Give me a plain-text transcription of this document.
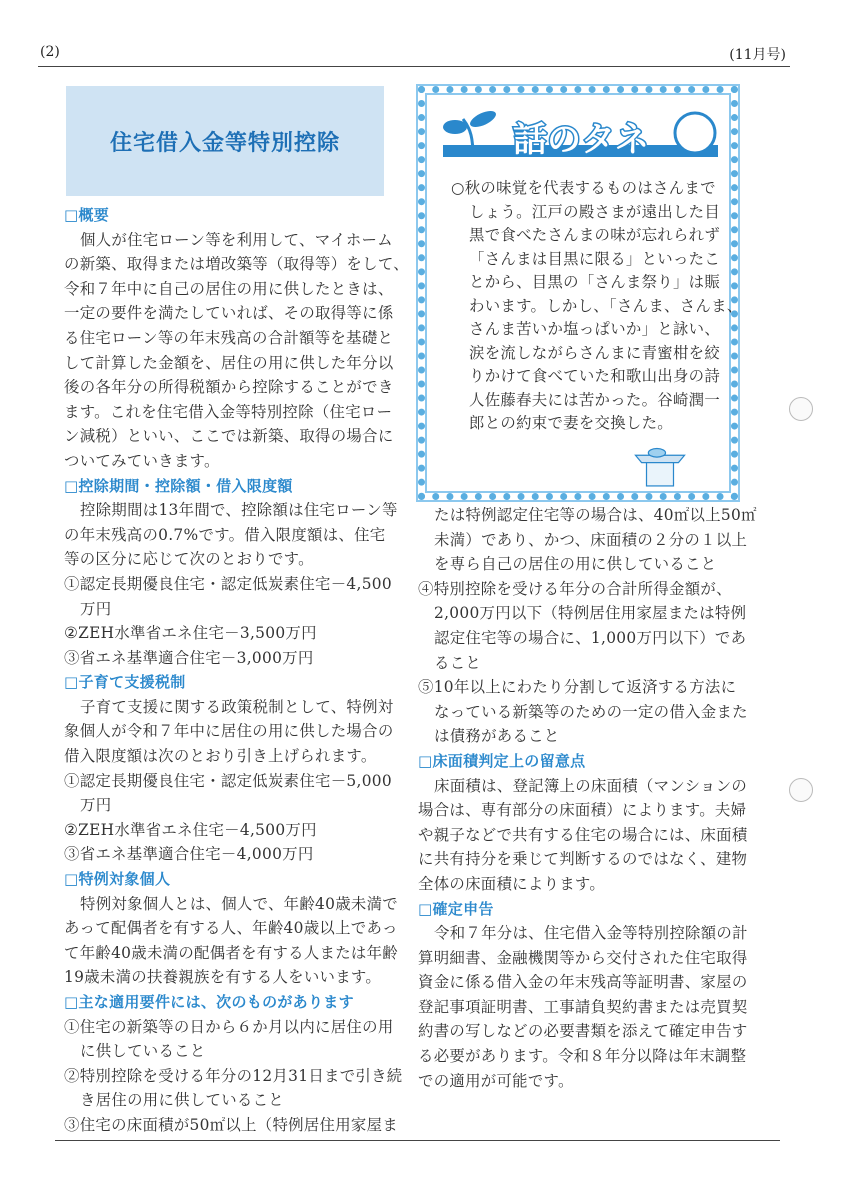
(2)	(11月号)
住宅借入金等特別控除
□概要
個人が住宅ローン等を利用して、マイホーム
の新築、取得または増改築等（取得等）をして、
令和７年中に自己の居住の用に供したときは、
一定の要件を満たしていれば、その取得等に係
る住宅ローン等の年末残高の合計額等を基礎と
して計算した金額を、居住の用に供した年分以
後の各年分の所得税額から控除することができ
ます。これを住宅借入金等特別控除（住宅ロー
ン減税）といい、ここでは新築、取得の場合に
ついてみていきます。
□控除期間・控除額・借入限度額
控除期間は13年間で、控除額は住宅ローン等
の年末残高の0.7%です。借入限度額は、住宅
等の区分に応じて次のとおりです。
①認定長期優良住宅・認定低炭素住宅－4,500
万円
②ZEH水準省エネ住宅－3,500万円
③省エネ基準適合住宅－3,000万円
□子育て支援税制
子育て支援に関する政策税制として、特例対
象個人が令和７年中に居住の用に供した場合の
借入限度額は次のとおり引き上げられます。
①認定長期優良住宅・認定低炭素住宅－5,000
万円
②ZEH水準省エネ住宅－4,500万円
③省エネ基準適合住宅－4,000万円
□特例対象個人
特例対象個人とは、個人で、年齢40歳未満で
あって配偶者を有する人、年齢40歳以上であっ
て年齢40歳未満の配偶者を有する人または年齢
19歳未満の扶養親族を有する人をいいます。
□主な適用要件には、次のものがあります
①住宅の新築等の日から６か月以内に居住の用
に供していること
②特別控除を受ける年分の12月31日まで引き続
き居住の用に供していること
③住宅の床面積が50㎡以上（特例居住用家屋ま
話のタネ
○秋の味覚を代表するものはさんまで
しょう。江戸の殿さまが遠出した目
黒で食べたさんまの味が忘れられず
「さんまは目黒に限る」といったこ
とから、目黒の「さんま祭り」は賑
わいます。しかし、「さんま、さんま、
さんま苦いか塩っぱいか」と詠い、
涙を流しながらさんまに青蜜柑を絞
りかけて食べていた和歌山出身の詩
人佐藤春夫には苦かった。谷崎潤一
郎との約束で妻を交換した。
たは特例認定住宅等の場合は、40㎡以上50㎡
未満）であり、かつ、床面積の２分の１以上
を専ら自己の居住の用に供していること
④特別控除を受ける年分の合計所得金額が、
2,000万円以下（特例居住用家屋または特例
認定住宅等の場合に、1,000万円以下）であ
ること
⑤10年以上にわたり分割して返済する方法に
なっている新築等のための一定の借入金また
は債務があること
□床面積判定上の留意点
床面積は、登記簿上の床面積（マンションの
場合は、専有部分の床面積）によります。夫婦
や親子などで共有する住宅の場合には、床面積
に共有持分を乗じて判断するのではなく、建物
全体の床面積によります。
□確定申告
令和７年分は、住宅借入金等特別控除額の計
算明細書、金融機関等から交付された住宅取得
資金に係る借入金の年末残高等証明書、家屋の
登記事項証明書、工事請負契約書または売買契
約書の写しなどの必要書類を添えて確定申告す
る必要があります。令和８年分以降は年末調整
での適用が可能です。
